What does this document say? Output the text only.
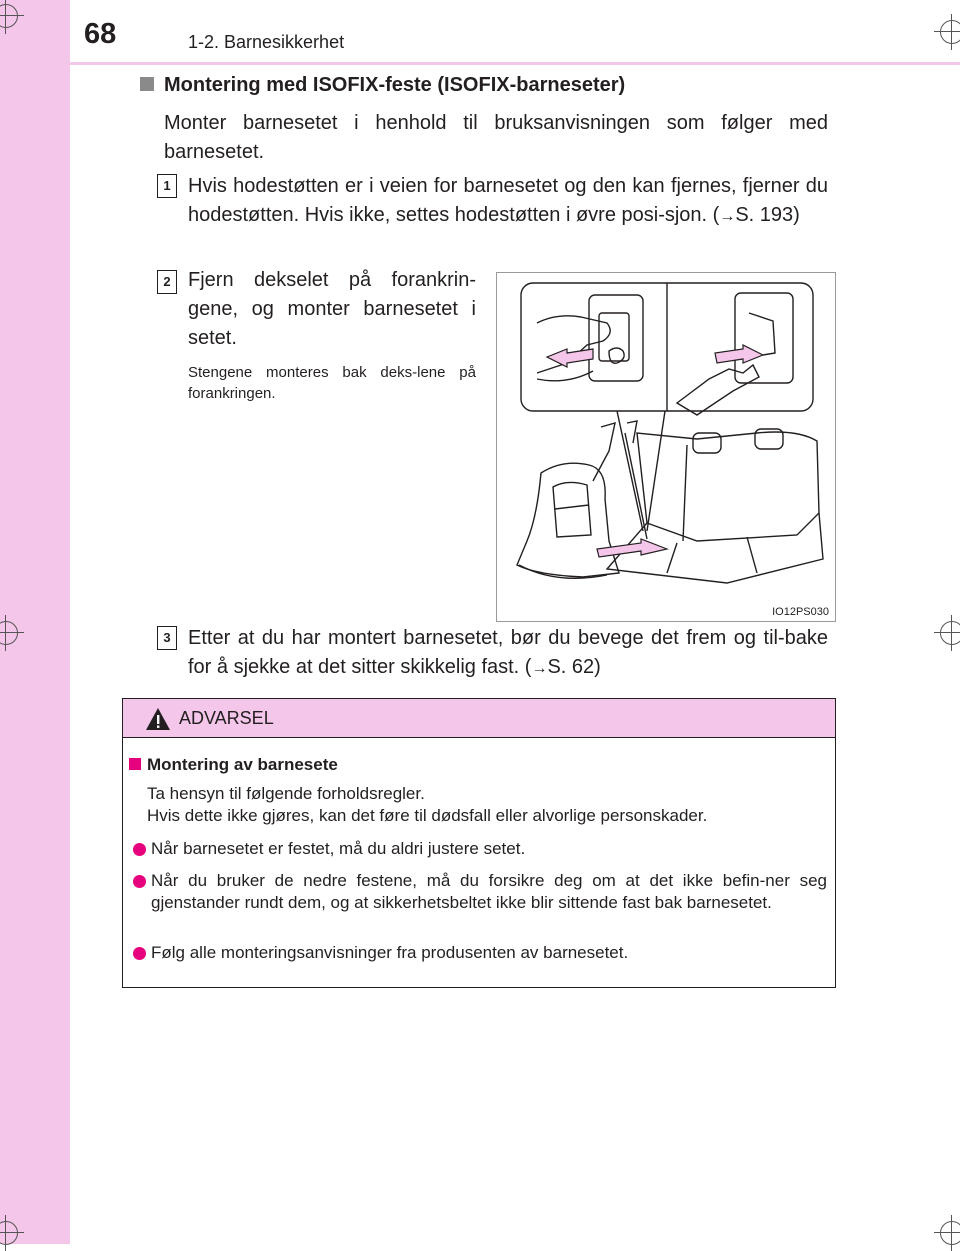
68	1-2. Barnesikkerhet
Montering med ISOFIX-feste (ISOFIX-barneseter)
Monter barnesetet i henhold til bruksanvisningen som følger med barnesetet.
1 Hvis hodestøtten er i veien for barnesetet og den kan fjernes, fjerner du hodestøtten. Hvis ikke, settes hodestøtten i øvre posi-sjon. (→S. 193)
2 Fjern dekselet på forankrin-gene, og monter barnesetet i setet.
Stengene monteres bak deks-lene på forankringen.
IO12PS030
3 Etter at du har montert barnesetet, bør du bevege det frem og til-bake for å sjekke at det sitter skikkelig fast. (→S. 62)
ADVARSEL
Montering av barnesete
Ta hensyn til følgende forholdsregler.
Hvis dette ikke gjøres, kan det føre til dødsfall eller alvorlige personskader.
Når barnesetet er festet, må du aldri justere setet.
Når du bruker de nedre festene, må du forsikre deg om at det ikke befin-ner seg gjenstander rundt dem, og at sikkerhetsbeltet ikke blir sittende fast bak barnesetet.
Følg alle monteringsanvisninger fra produsenten av barnesetet.
